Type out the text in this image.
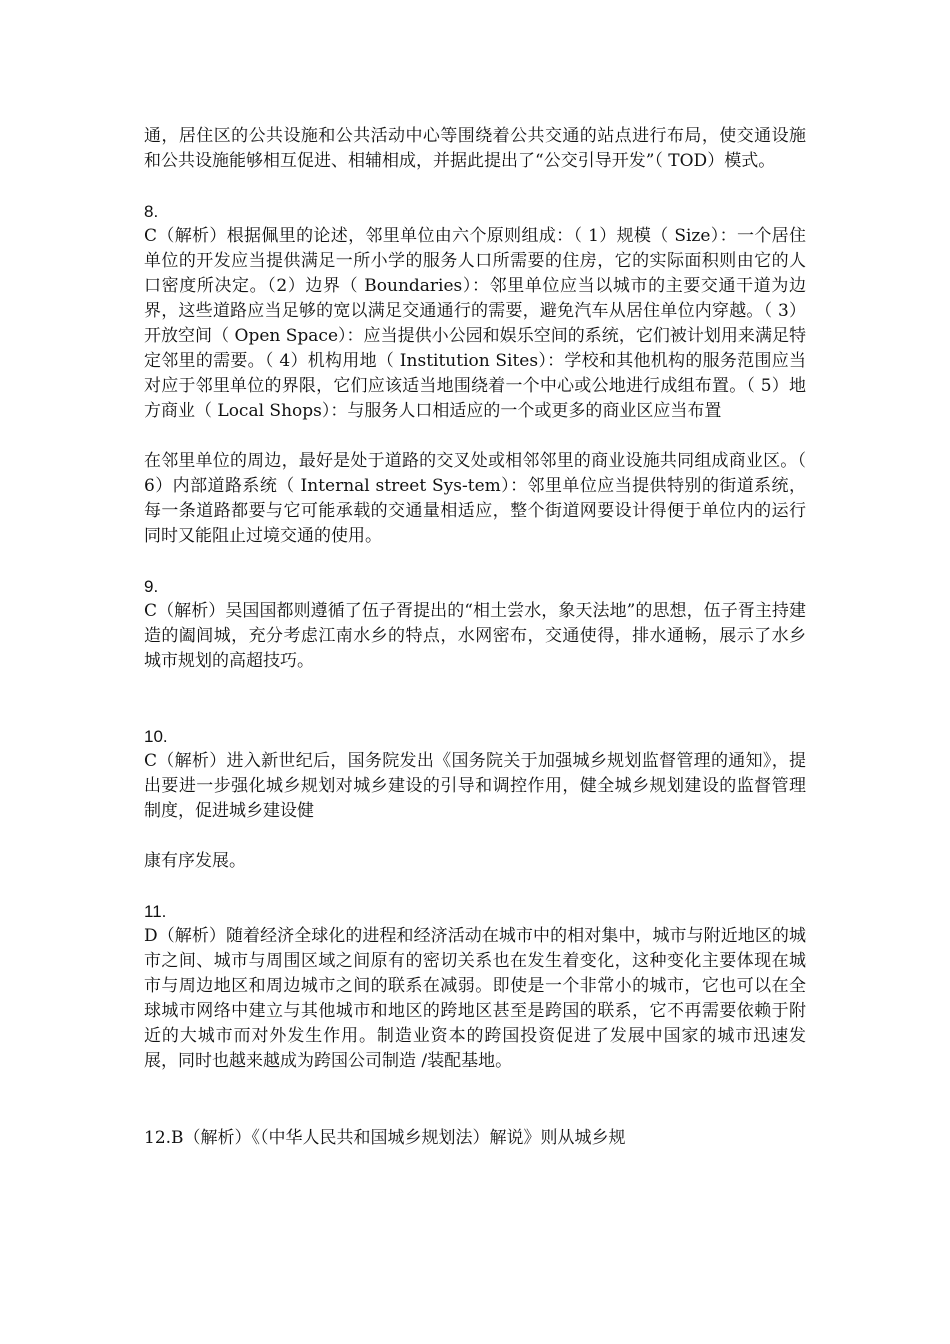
通，居住区的公共设施和公共活动中心等围绕着公共交通的站点进行布局，使交通设施和公共设施能够相互促进、相辅相成，并据此提出了“公交引导开发”（ TOD）模式。

8.

C（解析）根据佩里的论述，邻里单位由六个原则组成：（ 1）规模（ Size）：一个居住单位的开发应当提供满足一所小学的服务人口所需要的住房，它的实际面积则由它的人口密度所决定。（2）边界（ Boundaries）：邻里单位应当以城市的主要交通干道为边界，这些道路应当足够的宽以满足交通通行的需要，避免汽车从居住单位内穿越。（ 3）开放空间（ Open Space）：应当提供小公园和娱乐空间的系统，它们被计划用来满足特定邻里的需要。（ 4）机构用地（ Institution Sites）：学校和其他机构的服务范围应当对应于邻里单位的界限，它们应该适当地围绕着一个中心或公地进行成组布置。（ 5）地方商业（ Local Shops）：与服务人口相适应的一个或更多的商业区应当布置

在邻里单位的周边，最好是处于道路的交叉处或相邻邻里的商业设施共同组成商业区。（ 6）内部道路系统（ Internal street Sys-tem）：邻里单位应当提供特别的街道系统，每一条道路都要与它可能承载的交通量相适应，整个街道网要设计得便于单位内的运行同时又能阻止过境交通的使用。

9.

C（解析）吴国国都则遵循了伍子胥提出的“相土尝水，象天法地”的思想，伍子胥主持建造的阖闾城，充分考虑江南水乡的特点，水网密布，交通使得，排水通畅，展示了水乡城市规划的高超技巧。

10.

C（解析）进入新世纪后，国务院发出《国务院关于加强城乡规划监督管理的通知》，提出要进一步强化城乡规划对城乡建设的引导和调控作用，健全城乡规划建设的监督管理制度，促进城乡建设健

康有序发展。

11.

D（解析）随着经济全球化的进程和经济活动在城市中的相对集中，城市与附近地区的城市之间、城市与周围区域之间原有的密切关系也在发生着变化，这种变化主要体现在城市与周边地区和周边城市之间的联系在减弱。即使是一个非常小的城市，它也可以在全球城市网络中建立与其他城市和地区的跨地区甚至是跨国的联系，它不再需要依赖于附近的大城市而对外发生作用。制造业资本的跨国投资促进了发展中国家的城市迅速发展，同时也越来越成为跨国公司制造 /装配基地。

12.B（解析）《（中华人民共和国城乡规划法）解说》则从城乡规
